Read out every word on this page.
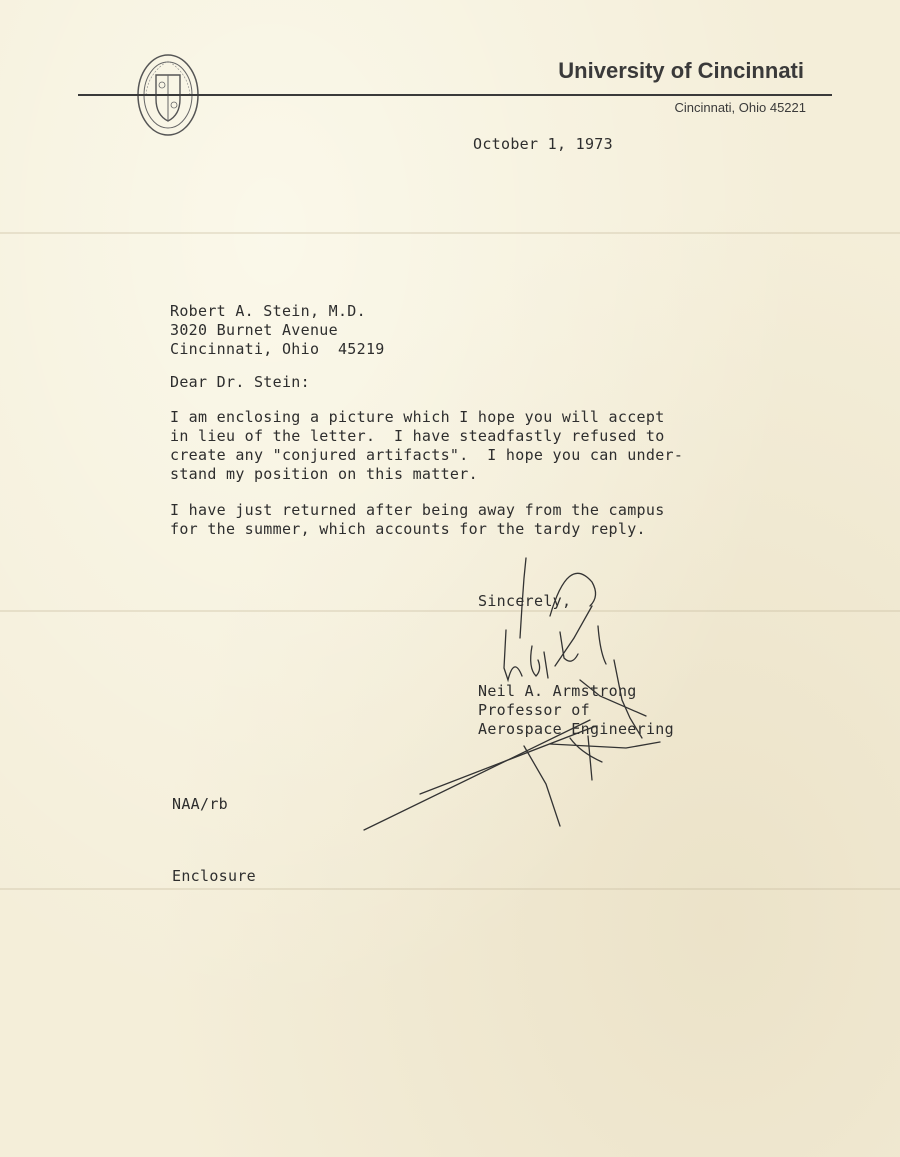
University of Cincinnati
Cincinnati, Ohio 45221
October 1, 1973
Robert A. Stein, M.D.
3020 Burnet Avenue
Cincinnati, Ohio  45219
Dear Dr. Stein:
I am enclosing a picture which I hope you will accept
in lieu of the letter.  I have steadfastly refused to
create any "conjured artifacts".  I hope you can under-
stand my position on this matter.
I have just returned after being away from the campus
for the summer, which accounts for the tardy reply.
Sincerely,
Neil A. Armstrong
Professor of
Aerospace Engineering
NAA/rb
Enclosure
